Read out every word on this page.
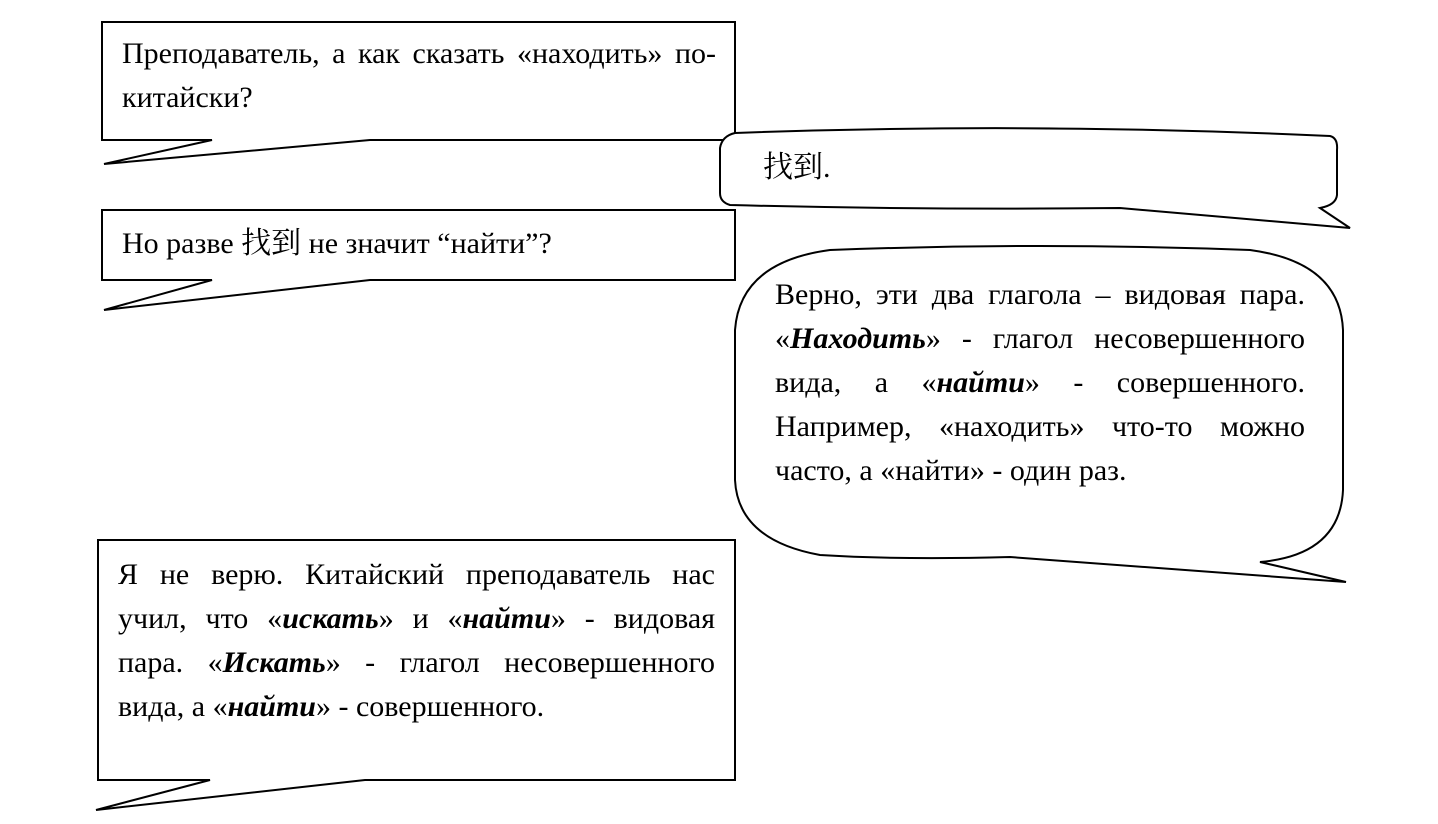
Преподаватель, а как сказать «находить» по-китайски?
找到.
Но разве 找到 не значит “найти”?
Верно, эти два глагола – видовая пара. «Находить» - глагол несовершенного вида, а «найти» - совершенного. Например, «находить» что-то можно часто, а «найти» - один раз.
Я не верю. Китайский преподаватель нас учил, что «искать» и «найти» - видовая пара. «Искать» - глагол несовершенного вида, а «найти» - совершенного.
